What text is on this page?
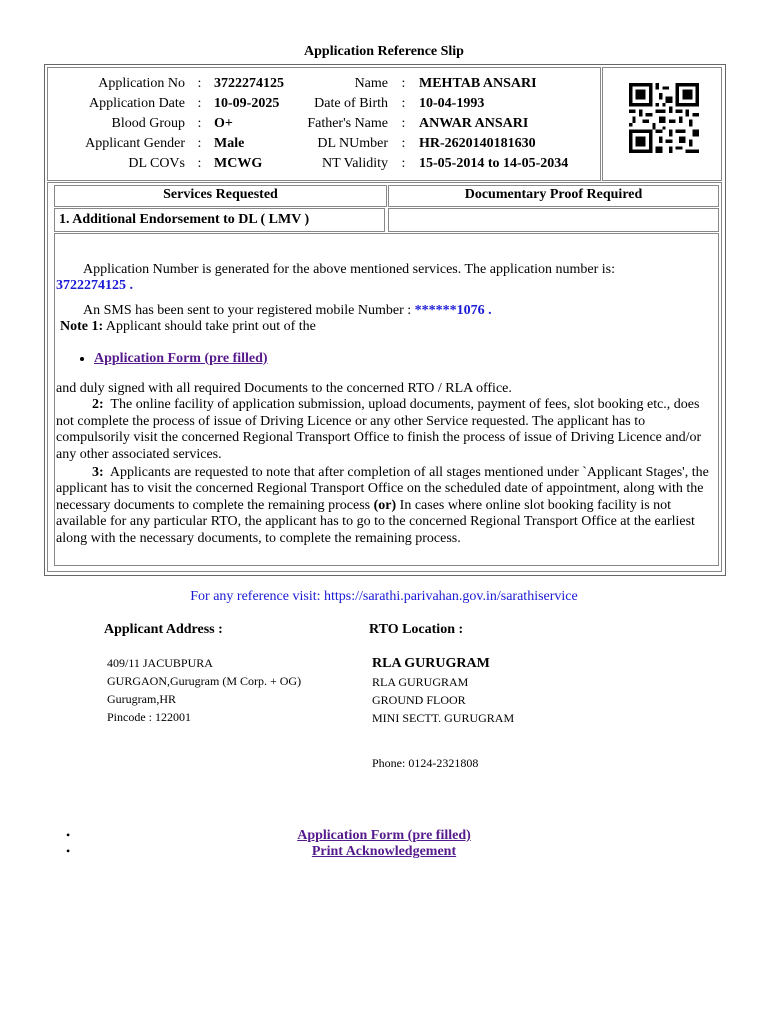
Application Reference Slip
Application No : 3722274125
Application Date : 10-09-2025
Blood Group : O+
Applicant Gender : Male
DL COVs : MCWG
Name : MEHTAB ANSARI
Date of Birth : 10-04-1993
Father's Name : ANWAR ANSARI
DL NUmber : HR-2620140181630
NT Validity : 15-05-2014 to 14-05-2034
Services Requested	Documentary Proof Required
1. Additional Endorsement to DL ( LMV )

Application Number is generated for the above mentioned services. The application number is:
3722274125 .

An SMS has been sent to your registered mobile Number : ******1076 .

Note 1: Applicant should take print out of the

• Application Form (pre filled)

and duly signed with all required Documents to the concerned RTO / RLA office.

2: The online facility of application submission, upload documents, payment of fees, slot booking etc., does not complete the process of issue of Driving Licence or any other Service requested. The applicant has to compulsorily visit the concerned Regional Transport Office to finish the process of issue of Driving Licence and/or any other associated services.

3: Applicants are requested to note that after completion of all stages mentioned under `Applicant Stages', the applicant has to visit the concerned Regional Transport Office on the scheduled date of appointment, along with the necessary documents to complete the remaining process (or) In cases where online slot booking facility is not available for any particular RTO, the applicant has to go to the concerned Regional Transport Office at the earliest along with the necessary documents, to complete the remaining process.

For any reference visit: https://sarathi.parivahan.gov.in/sarathiservice
Applicant Address :	RTO Location :
409/11 JACUBPURA
GURGAON,Gurugram (M Corp. + OG)
Gurugram,HR
Pincode : 122001
RLA GURUGRAM
RLA GURUGRAM
GROUND FLOOR
MINI SECTT. GURUGRAM
Phone: 0124-2321808
•	Application Form (pre filled)
•	Print Acknowledgement
